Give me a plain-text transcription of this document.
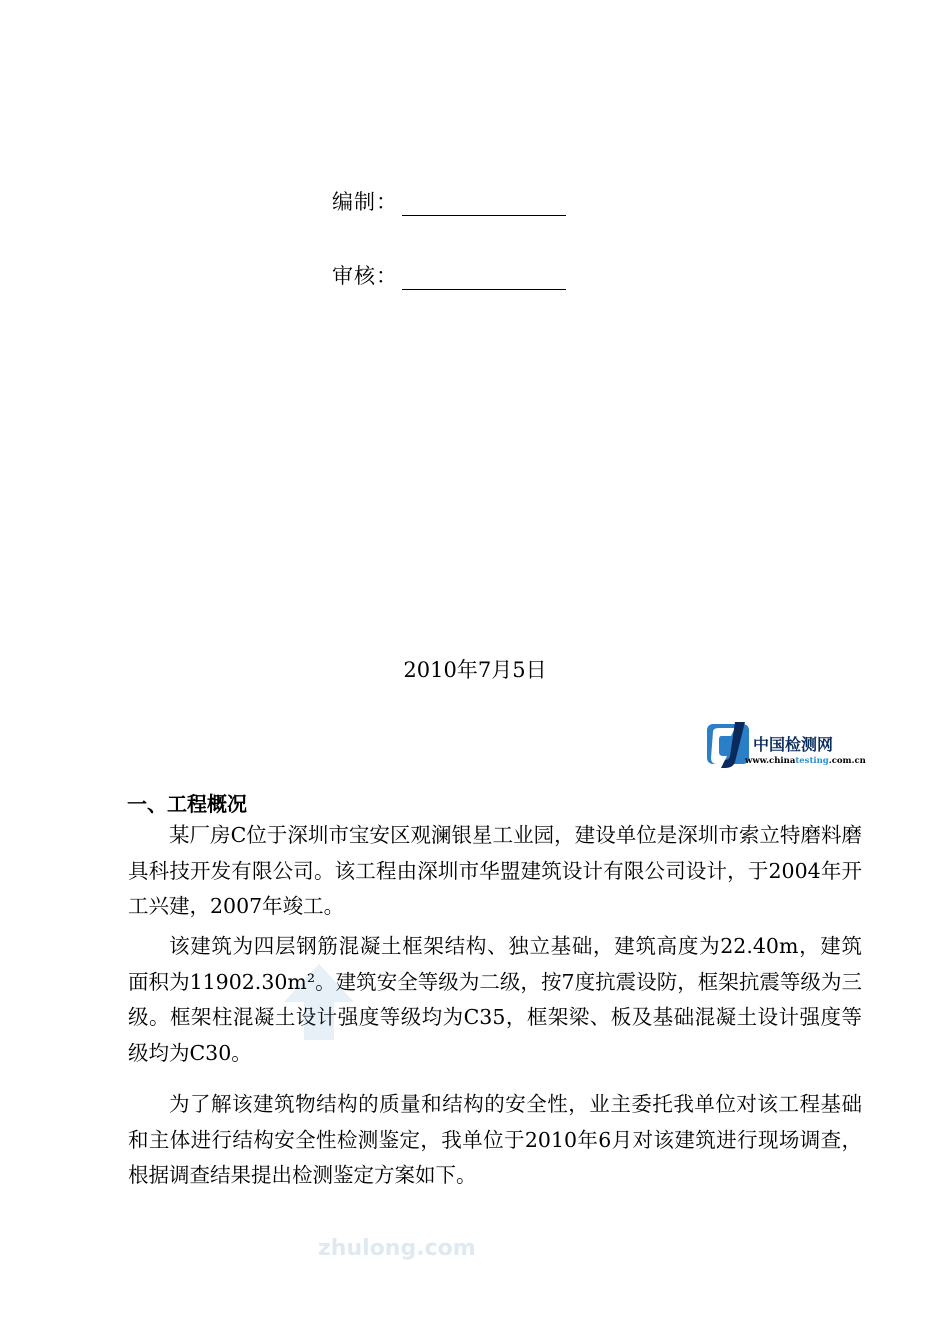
编制：
审核：
2010年7月5日
中国检测网
www.chinatesting.com.cn
一、工程概况

某厂房C位于深圳市宝安区观澜银星工业园，建设单位是深圳市索立特磨料磨具科技开发有限公司。该工程由深圳市华盟建筑设计有限公司设计，于2004年开工兴建，2007年竣工。

该建筑为四层钢筋混凝土框架结构、独立基础，建筑高度为22.40m，建筑面积为11902.30m²。建筑安全等级为二级，按7度抗震设防，框架抗震等级为三级。框架柱混凝土设计强度等级均为C35，框架梁、板及基础混凝土设计强度等级均为C30。

为了解该建筑物结构的质量和结构的安全性，业主委托我单位对该工程基础和主体进行结构安全性检测鉴定，我单位于2010年6月对该建筑进行现场调查，根据调查结果提出检测鉴定方案如下。

zhulong.com
